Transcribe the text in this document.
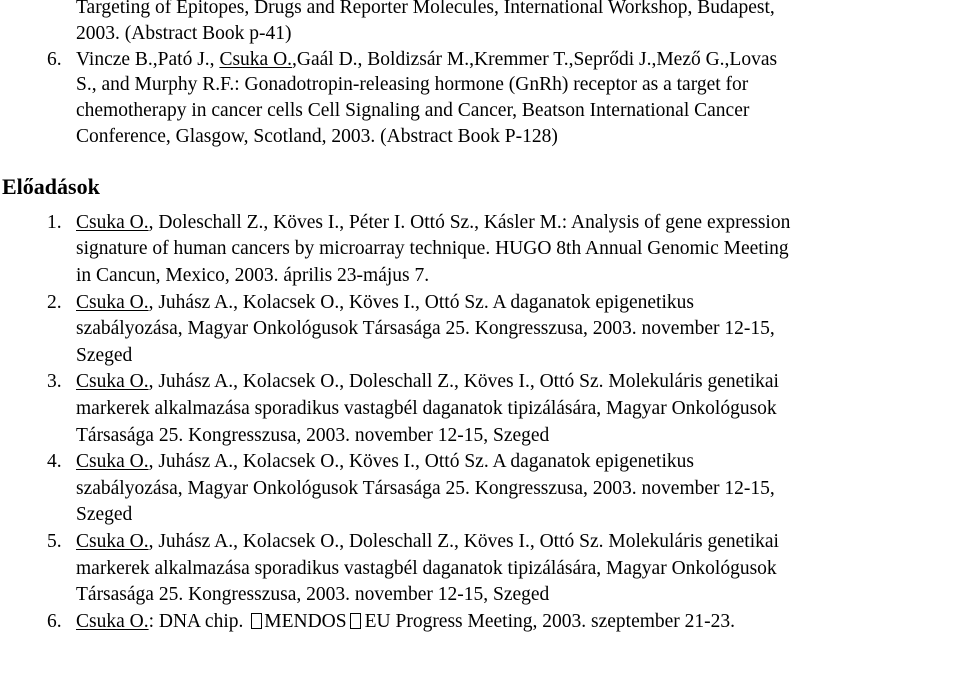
Targeting of Epitopes, Drugs and Reporter Molecules, International Workshop, Budapest,
2003. (Abstract Book p-41)
6. Vincze B.,Pató J., Csuka O.,Gaál D., Boldizsár M.,Kremmer T.,Seprődi J.,Mező G.,Lovas
S., and Murphy R.F.: Gonadotropin-releasing hormone (GnRh) receptor as a target for
chemotherapy in cancer cells Cell Signaling and Cancer, Beatson International Cancer
Conference, Glasgow, Scotland, 2003. (Abstract Book P-128)
Előadások
1. Csuka O., Doleschall Z., Köves I., Péter I. Ottó Sz., Kásler M.: Analysis of gene expression
signature of human cancers by microarray technique. HUGO 8th Annual Genomic Meeting
in Cancun, Mexico, 2003. április 23-május 7.
2. Csuka O., Juhász A., Kolacsek O., Köves I., Ottó Sz. A daganatok epigenetikus
szabályozása, Magyar Onkológusok Társasága 25. Kongresszusa, 2003. november 12-15,
Szeged
3. Csuka O., Juhász A., Kolacsek O., Doleschall Z., Köves I., Ottó Sz. Molekuláris genetikai
markerek alkalmazása sporadikus vastagbél daganatok tipizálására, Magyar Onkológusok
Társasága 25. Kongresszusa, 2003. november 12-15, Szeged
4. Csuka O., Juhász A., Kolacsek O., Köves I., Ottó Sz. A daganatok epigenetikus
szabályozása, Magyar Onkológusok Társasága 25. Kongresszusa, 2003. november 12-15,
Szeged
5. Csuka O., Juhász A., Kolacsek O., Doleschall Z., Köves I., Ottó Sz. Molekuláris genetikai
markerek alkalmazása sporadikus vastagbél daganatok tipizálására, Magyar Onkológusok
Társasága 25. Kongresszusa, 2003. november 12-15, Szeged
6. Csuka O.: DNA chip. MENDOS EU Progress Meeting, 2003. szeptember 21-23.
